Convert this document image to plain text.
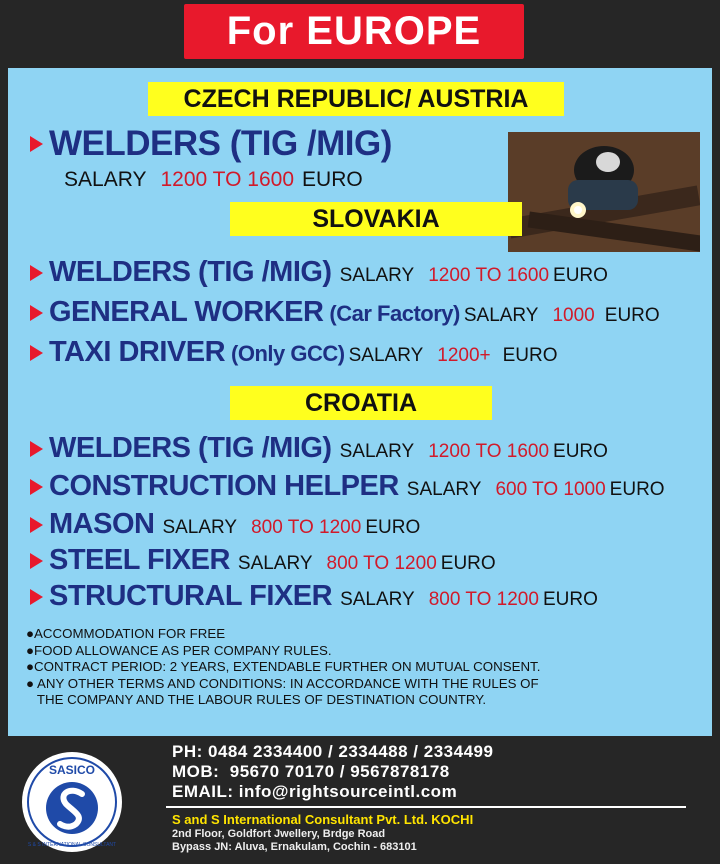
For EUROPE
CZECH REPUBLIC/ AUSTRIA
WELDERS (TIG /MIG)
SALARY 1200 TO 1600 EURO
SLOVAKIA
WELDERS (TIG /MIG) SALARY 1200 TO 1600 EURO
GENERAL WORKER (Car Factory) SALARY 1000 EURO
TAXI DRIVER (Only GCC) SALARY 1200+ EURO
CROATIA
WELDERS (TIG /MIG) SALARY 1200 TO 1600 EURO
CONSTRUCTION HELPER SALARY 600 TO 1000 EURO
MASON SALARY 800 TO 1200 EURO
STEEL FIXER SALARY 800 TO 1200 EURO
STRUCTURAL FIXER SALARY 800 TO 1200 EURO
●ACCOMMODATION FOR FREE
●FOOD ALLOWANCE AS PER COMPANY RULES.
●CONTRACT PERIOD: 2 YEARS, EXTENDABLE FURTHER ON MUTUAL CONSENT.
● ANY OTHER TERMS AND CONDITIONS: IN ACCORDANCE WITH THE RULES OF
THE COMPANY AND THE LABOUR RULES OF DESTINATION COUNTRY.
SASICO
S & S INTERNATIONAL CONSULTANT
PH: 0484 2334400 / 2334488 / 2334499
MOB:  95670 70170 / 9567878178
EMAIL: info@rightsourceintl.com
S and S International Consultant Pvt. Ltd. KOCHI
2nd Floor, Goldfort Jwellery, Brdge Road
Bypass JN: Aluva, Ernakulam, Cochin - 683101
